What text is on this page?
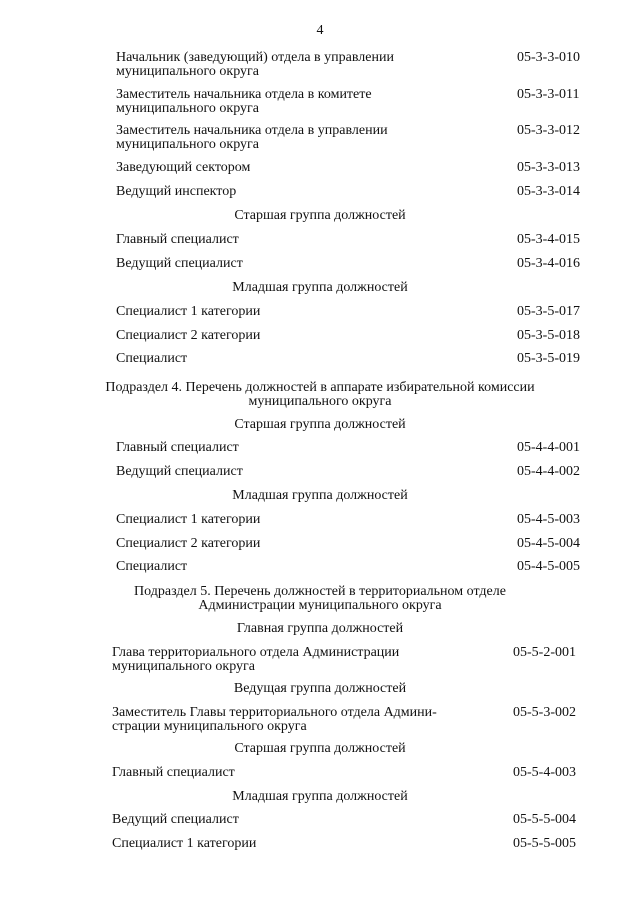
4
Начальник (заведующий) отдела в управлении
муниципального округа
05-3-3-010
Заместитель начальника отдела в комитете
муниципального округа
05-3-3-011
Заместитель начальника отдела в управлении
муниципального округа
05-3-3-012
Заведующий сектором	05-3-3-013
Ведущий инспектор	05-3-3-014
Старшая группа должностей
Главный специалист	05-3-4-015
Ведущий специалист	05-3-4-016
Младшая группа должностей
Специалист 1 категории	05-3-5-017
Специалист 2 категории	05-3-5-018
Специалист	05-3-5-019
Подраздел 4. Перечень должностей в аппарате избирательной комиссии
муниципального округа
Старшая группа должностей
Главный специалист	05-4-4-001
Ведущий специалист	05-4-4-002
Младшая группа должностей
Специалист 1 категории	05-4-5-003
Специалист 2 категории	05-4-5-004
Специалист	05-4-5-005
Подраздел 5. Перечень должностей в территориальном отделе
Администрации муниципального округа
Главная группа должностей
Глава территориального отдела Администрации
муниципального округа
05-5-2-001
Ведущая группа должностей
Заместитель Главы территориального отдела Админи-
страции муниципального округа
05-5-3-002
Старшая группа должностей
Главный специалист	05-5-4-003
Младшая группа должностей
Ведущий специалист	05-5-5-004
Специалист 1 категории	05-5-5-005
